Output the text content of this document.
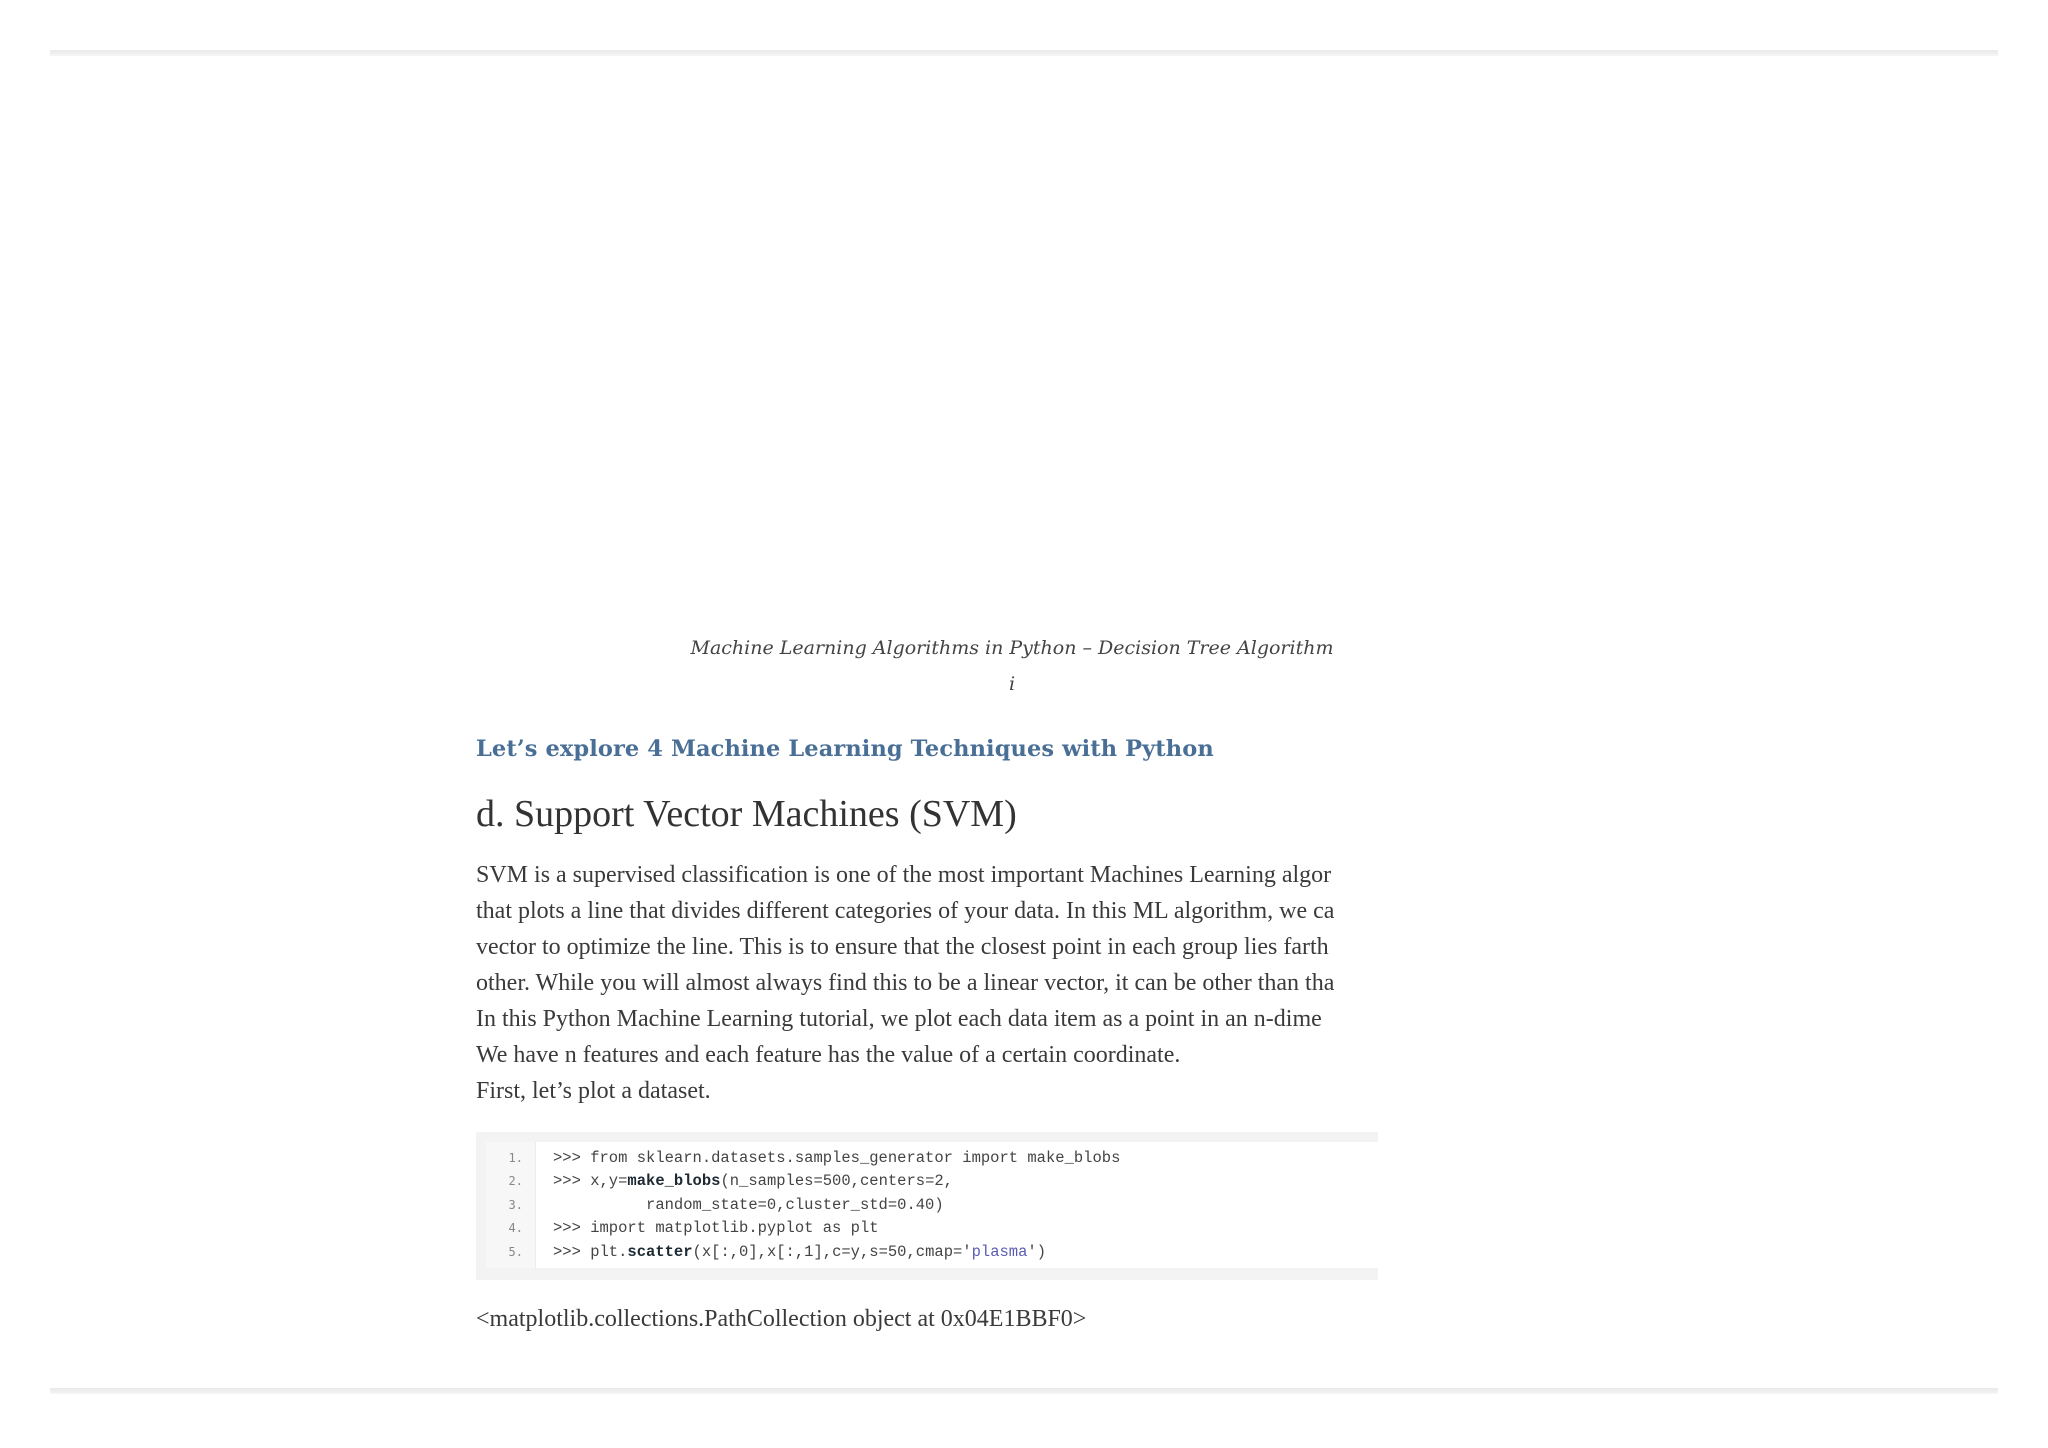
Machine Learning Algorithms in Python – Decision Tree Algorithm
i
Let’s explore 4 Machine Learning Techniques with Python
d. Support Vector Machines (SVM)
SVM is a supervised classification is one of the most important Machines Learning algor
that plots a line that divides different categories of your data. In this ML algorithm, we ca
vector to optimize the line. This is to ensure that the closest point in each group lies farth
other. While you will almost always find this to be a linear vector, it can be other than tha
In this Python Machine Learning tutorial, we plot each data item as a point in an n-dime
We have n features and each feature has the value of a certain coordinate.
First, let’s plot a dataset.
1.
2.
3.
4.
5.
>>> from sklearn.datasets.samples_generator import make_blobs
>>> x,y=make_blobs(n_samples=500,centers=2,
random_state=0,cluster_std=0.40)
>>> import matplotlib.pyplot as plt
>>> plt.scatter(x[:,0],x[:,1],c=y,s=50,cmap='plasma')
<matplotlib.collections.PathCollection object at 0x04E1BBF0>
